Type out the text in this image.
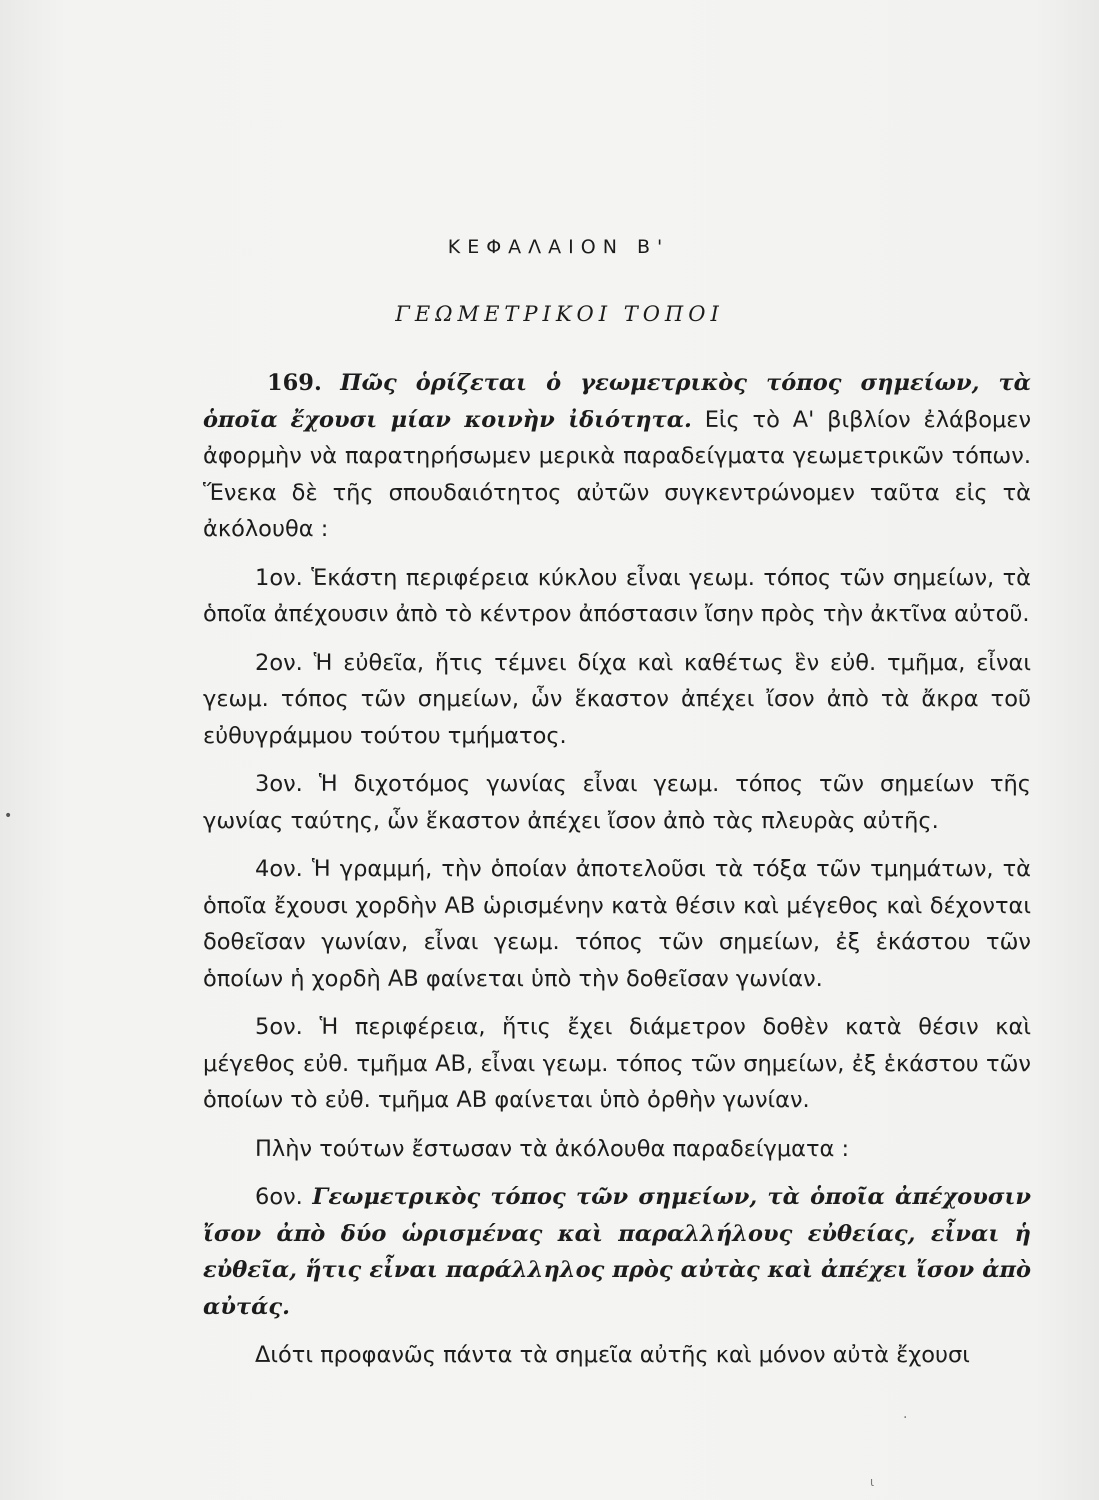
ΚΕΦΑΛΑΙΟΝ Β'
ΓΕΩΜΕΤΡΙΚΟΙ ΤΟΠΟΙ

169. Πῶς ὁρίζεται ὁ γεωμετρικὸς τόπος σημείων, τὰ ὁποῖα ἔχουσι μίαν κοινὴν ἰδιότητα. Εἰς τὸ Α' βιβλίον ἐλάβομεν ἀφορμὴν νὰ παρατηρήσωμεν μερικὰ παραδείγματα γεωμετρικῶν τόπων. Ἕνεκα δὲ τῆς σπουδαιότητος αὐτῶν συγκεντρώνομεν ταῦτα εἰς τὰ ἀκόλουθα :

1ον. Ἑκάστη περιφέρεια κύκλου εἶναι γεωμ. τόπος τῶν σημείων, τὰ ὁποῖα ἀπέχουσιν ἀπὸ τὸ κέντρον ἀπόστασιν ἴσην πρὸς τὴν ἀκτῖνα αὐτοῦ.

2ον. Ἡ εὐθεῖα, ἥτις τέμνει δίχα καὶ καθέτως ἓν εὐθ. τμῆμα, εἶναι γεωμ. τόπος τῶν σημείων, ὧν ἕκαστον ἀπέχει ἴσον ἀπὸ τὰ ἄκρα τοῦ εὐθυγράμμου τούτου τμήματος.

3ον. Ἡ διχοτόμος γωνίας εἶναι γεωμ. τόπος τῶν σημείων τῆς γωνίας ταύτης, ὧν ἕκαστον ἀπέχει ἴσον ἀπὸ τὰς πλευρὰς αὐτῆς.

4ον. Ἡ γραμμή, τὴν ὁποίαν ἀποτελοῦσι τὰ τόξα τῶν τμημάτων, τὰ ὁποῖα ἔχουσι χορδὴν ΑΒ ὡρισμένην κατὰ θέσιν καὶ μέγεθος καὶ δέχονται δοθεῖσαν γωνίαν, εἶναι γεωμ. τόπος τῶν σημείων, ἐξ ἑκάστου τῶν ὁποίων ἡ χορδὴ ΑΒ φαίνεται ὑπὸ τὴν δοθεῖσαν γωνίαν.

5ον. Ἡ περιφέρεια, ἥτις ἔχει διάμετρον δοθὲν κατὰ θέσιν καὶ μέγεθος εὐθ. τμῆμα ΑΒ, εἶναι γεωμ. τόπος τῶν σημείων, ἐξ ἑκάστου τῶν ὁποίων τὸ εὐθ. τμῆμα ΑΒ φαίνεται ὑπὸ ὀρθὴν γωνίαν.

Πλὴν τούτων ἔστωσαν τὰ ἀκόλουθα παραδείγματα :

6ον. Γεωμετρικὸς τόπος τῶν σημείων, τὰ ὁποῖα ἀπέχουσιν ἴσον ἀπὸ δύο ὡρισμένας καὶ παραλλήλους εὐθείας, εἶναι ἡ εὐθεῖα, ἥτις εἶναι παράλληλος πρὸς αὐτὰς καὶ ἀπέχει ἴσον ἀπὸ αὐτάς.

Διότι προφανῶς πάντα τὰ σημεῖα αὐτῆς καὶ μόνον αὐτὰ ἔχουσι

•
·
ι
